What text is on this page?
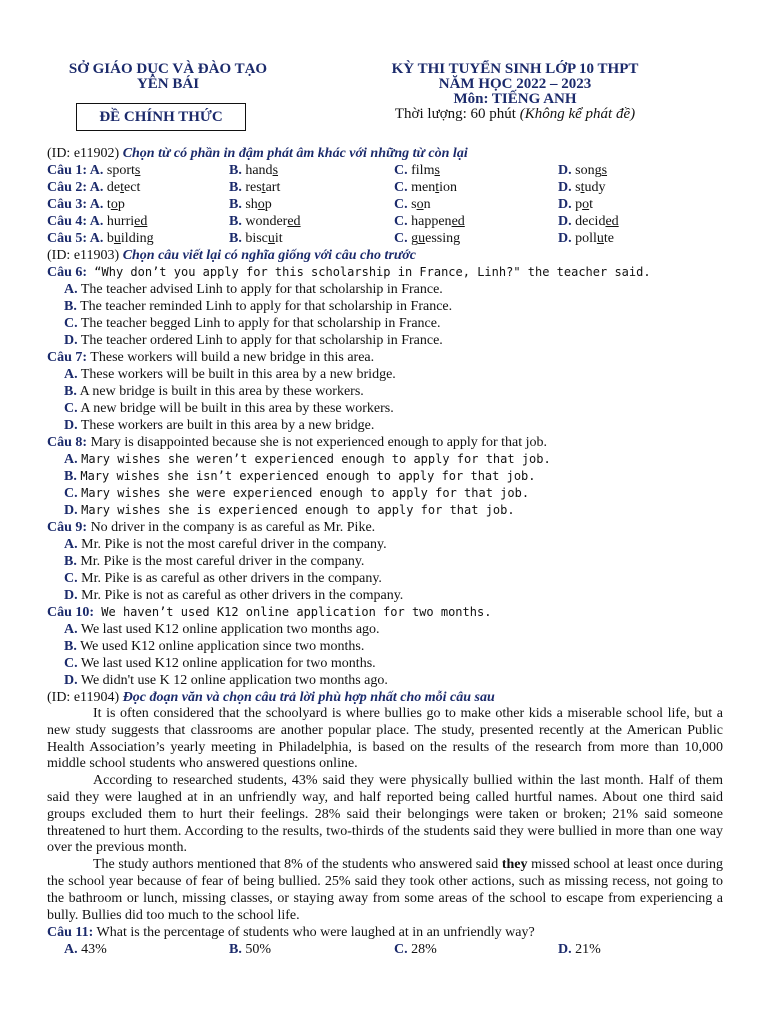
SỞ GIÁO DỤC VÀ ĐÀO TẠO
YÊN BÁI
ĐỀ CHÍNH THỨC
KỲ THI TUYỂN SINH LỚP 10 THPT
NĂM HỌC 2022 – 2023
Môn: TIẾNG ANH
Thời lượng: 60 phút (Không kể phát đề)
(ID: e11902) Chọn từ có phần in đậm phát âm khác với những từ còn lại
Câu 1: A. sports	B. hands	C. films	D. songs
Câu 2: A. detect	B. restart	C. mention	D. study
Câu 3: A. top	B. shop	C. son	D. pot
Câu 4: A. hurried	B. wondered	C. happened	D. decided
Câu 5: A. building	B. biscuit	C. guessing	D. pollute
(ID: e11903) Chọn câu viết lại có nghĩa giống với câu cho trước
Câu 6: “Why don’t you apply for this scholarship in France, Linh?" the teacher said.
A. The teacher advised Linh to apply for that scholarship in France.
B. The teacher reminded Linh to apply for that scholarship in France.
C. The teacher begged Linh to apply for that scholarship in France.
D. The teacher ordered Linh to apply for that scholarship in France.
Câu 7: These workers will build a new bridge in this area.
A. These workers will be built in this area by a new bridge.
B. A new bridge is built in this area by these workers.
C. A new bridge will be built in this area by these workers.
D. These workers are built in this area by a new bridge.
Câu 8: Mary is disappointed because she is not experienced enough to apply for that job.
A. Mary wishes she weren’t experienced enough to apply for that job.
B. Mary wishes she isn’t experienced enough to apply for that job.
C. Mary wishes she were experienced enough to apply for that job.
D. Mary wishes she is experienced enough to apply for that job.
Câu 9: No driver in the company is as careful as Mr. Pike.
A. Mr. Pike is not the most careful driver in the company.
B. Mr. Pike is the most careful driver in the company.
C. Mr. Pike is as careful as other drivers in the company.
D. Mr. Pike is not as careful as other drivers in the company.
Câu 10: We haven’t used K12 online application for two months.
A. We last used K12 online application two months ago.
B. We used K12 online application since two months.
C. We last used K12 online application for two months.
D. We didn't use K 12 online application two months ago.
(ID: e11904) Đọc đoạn văn và chọn câu trả lời phù hợp nhất cho mỗi câu sau

It is often considered that the schoolyard is where bullies go to make other kids a miserable school life, but a new study suggests that classrooms are another popular place. The study, presented recently at the American Public Health Association’s yearly meeting in Philadelphia, is based on the results of the research from more than 10,000 middle school students who answered questions online.

According to researched students, 43% said they were physically bullied within the last month. Half of them said they were laughed at in an unfriendly way, and half reported being called hurtful names. About one third said groups excluded them to hurt their feelings. 28% said their belongings were taken or broken; 21% said someone threatened to hurt them. According to the results, two-thirds of the students said they were bullied in more than one way over the previous month.

The study authors mentioned that 8% of the students who answered said they missed school at least once during the school year because of fear of being bullied. 25% said they took other actions, such as missing recess, not going to the bathroom or lunch, missing classes, or staying away from some areas of the school to escape from experiencing a bully. Bullies did too much to the school life.

Câu 11: What is the percentage of students who were laughed at in an unfriendly way?
A. 43%	B. 50%	C. 28%	D. 21%
